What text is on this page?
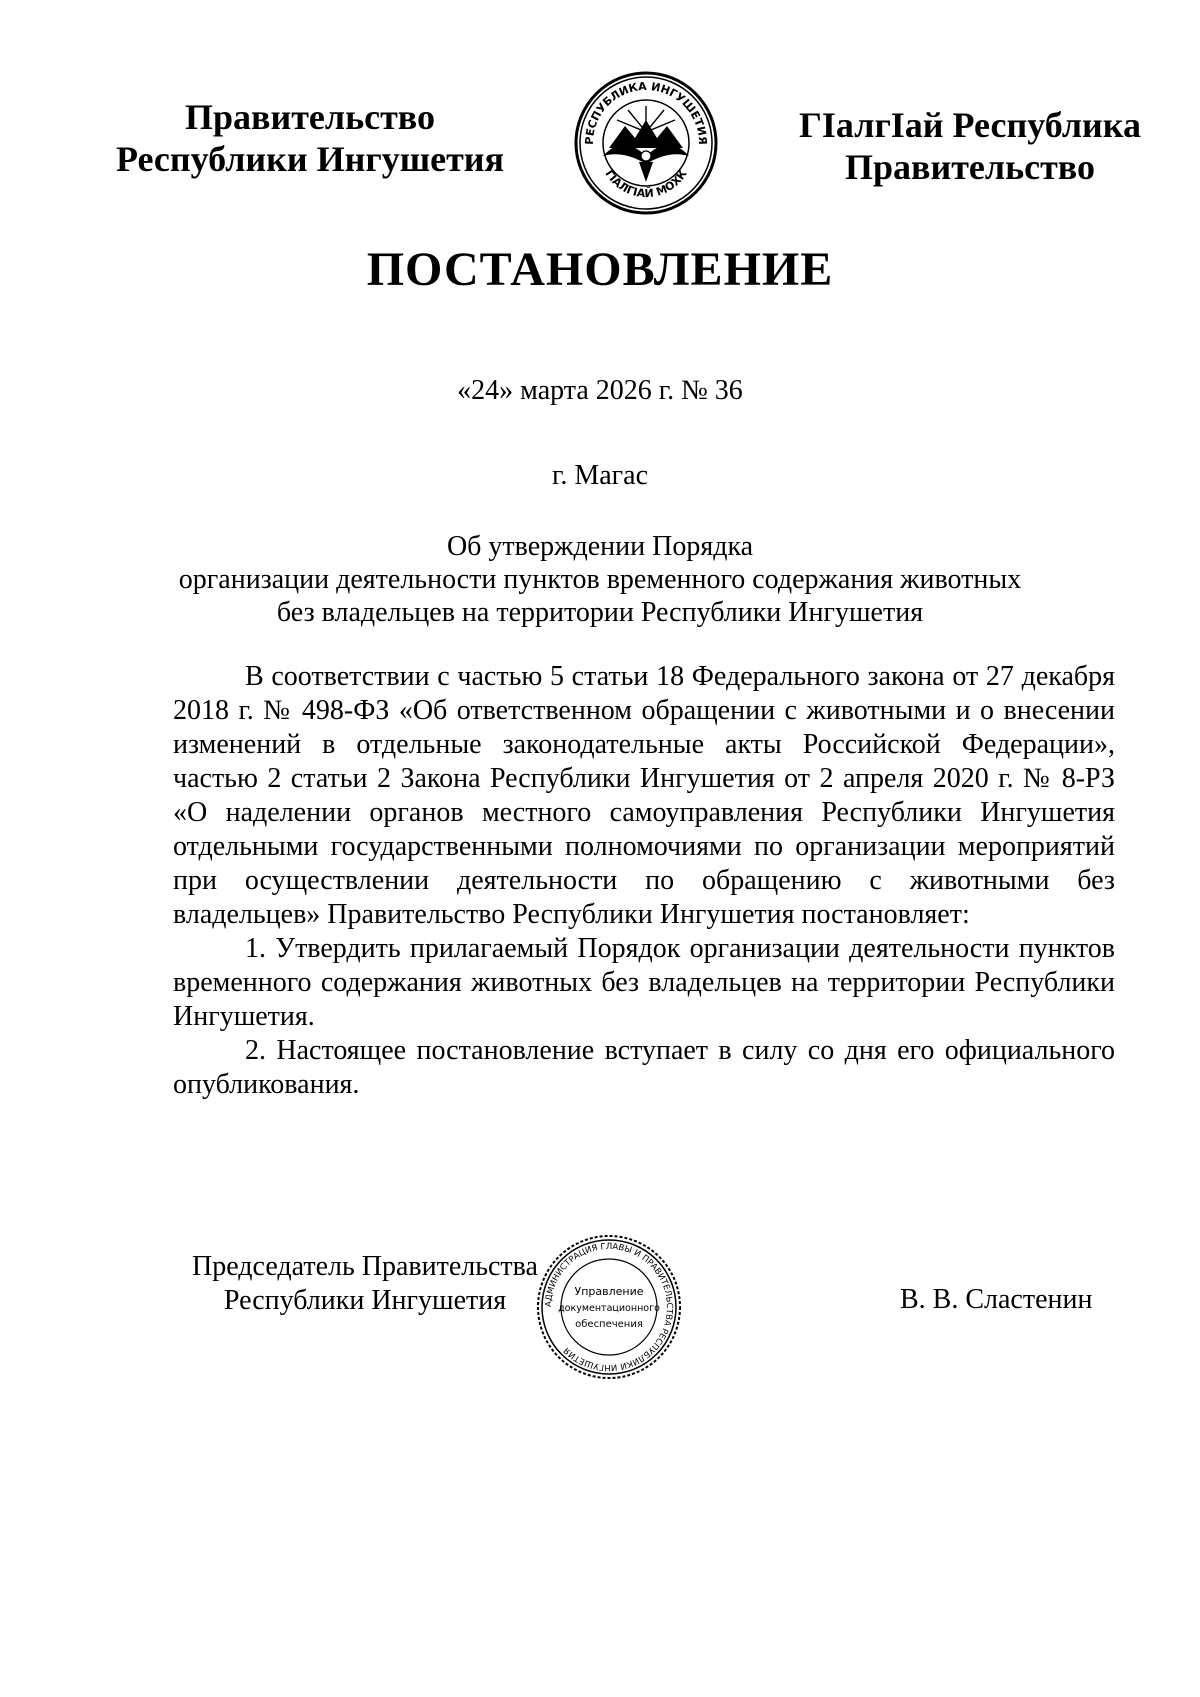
Правительство
Республики Ингушетия	РЕСПУБЛИКА ИНГУШЕТИЯ
ГIАЛГIАЙ МОХК
ГIалгIай Республика
Правительство
ПОСТАНОВЛЕНИЕ
«24» марта 2026 г. № 36
г. Магас
Об утверждении Порядка
организации деятельности пунктов временного содержания животных
без владельцев на территории Республики Ингушетия

В соответствии с частью 5 статьи 18 Федерального закона от 27 декабря 2018 г. № 498-ФЗ «Об ответственном обращении с животными и о внесении изменений в отдельные законодательные акты Российской Федерации», частью 2 статьи 2 Закона Республики Ингушетия от 2 апреля 2020 г. № 8-РЗ «О наделении органов местного самоуправления Республики Ингушетия отдельными государственными полномочиями по организации мероприятий при осуществлении деятельности по обращению с животными без владельцев» Правительство Республики Ингушетия постановляет:

1. Утвердить прилагаемый Порядок организации деятельности пунктов временного содержания животных без владельцев на территории Республики Ингушетия.

2. Настоящее постановление вступает в силу со дня его официального опубликования.

Председатель Правительства
Республики Ингушетия	АДМИНИСТРАЦИЯ ГЛАВЫ И ПРАВИТЕЛЬСТВА РЕСПУБЛИКИ ИНГУШЕТИЯ
Управление
документационного
обеспечения
В. В. Сластенин
